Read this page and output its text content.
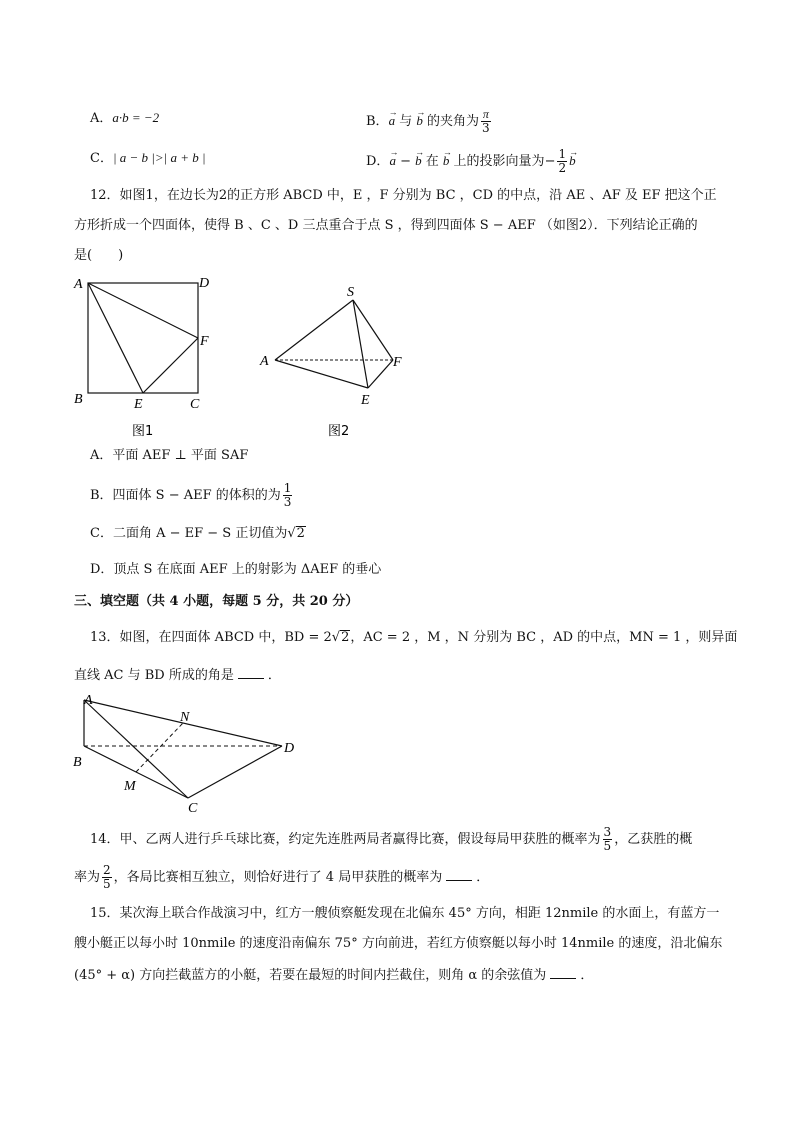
A．a·b = −2	B．→ a 与 → b 的夹角为 $\frac{\pi}{3}$
C．| a − b |>| a + b |	D．→ a − → b 在 → b 上的投影向量为− $\frac{1}{2}$
→ b
12．如图1，在边长为2的正方形 ABCD 中，E ，F 分别为 BC ，CD 的中点，沿 AE 、AF 及 EF 把这个正
方形折成一个四面体，使得 B 、C 、D 三点重合于点 S ，得到四面体 S − AEF （如图2）．下列结论正确的
是(　　)
A	D
F
B	E	C
图1
S
A	F
E
图2
A．平面 AEF ⊥ 平面 SAF
B．四面体 S − AEF 的体积的为 $\frac{1}{3}$
C．二面角 A − EF − S 正切值为√2
D．顶点 S 在底面 AEF 上的射影为 ΔAEF 的垂心
三、填空题（共 4 小题，每题 5 分，共 20 分）
13．如图，在四面体 ABCD 中，BD = 2√2，AC = 2 ，M ，N 分别为 BC ，AD 的中点，MN = 1 ，则异面
直线 AC 与 BD 所成的角是	．
A
N
D
B
M
C
14．甲、乙两人进行乒乓球比赛，约定先连胜两局者赢得比赛，假设每局甲获胜的概率为 $\frac{3}{5}$ ，乙获胜的概
率为 $\frac{2}{5}$ ，各局比赛相互独立，则恰好进行了 4 局甲获胜的概率为	．
15．某次海上联合作战演习中，红方一艘侦察艇发现在北偏东 45° 方向，相距 12nmile 的水面上，有蓝方一
艘小艇正以每小时 10nmile 的速度沿南偏东 75° 方向前进，若红方侦察艇以每小时 14nmile 的速度，沿北偏东
(45° + α) 方向拦截蓝方的小艇，若要在最短的时间内拦截住，则角 α 的余弦值为	．
